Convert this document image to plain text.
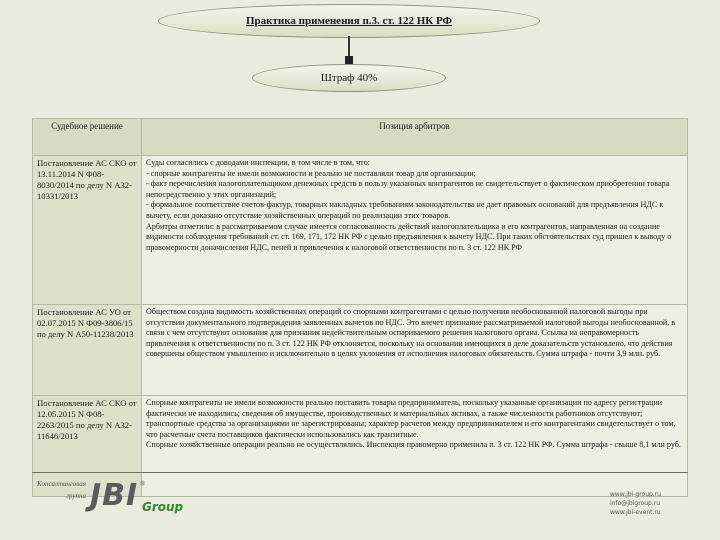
Практика применения п.3. ст. 122 НК РФ
Штраф 40%
Судебное решение	Позиция арбитров
Постановление АС СКО от 13.11.2014 N Ф08-8030/2014 по делу N А32-10331/2013	Суды согласились с доводами инспекции, в том числе в том, что:
- спорные контрагенты не имели возможности и реально не поставляли товар для организации;
- факт перечисления налогоплательщиком денежных средств в пользу указанных контрагентов не свидетельствует о фактическом приобретении товара непосредственно у этих организаций;
- формальное соответствие счетов-фактур, товарных накладных требованиям законодательства не дает правовых оснований для предъявления НДС к вычету, если доказано отсутствие хозяйственных операций по реализации этих товаров.
Арбитры отметили: в рассматриваемом случае имеется согласованность действий налогоплательщика и его контрагентов, направленная на создание видимости соблюдения требований ст. ст. 169, 171, 172 НК РФ с целью предъявления к вычету НДС. При таких обстоятельствах суд пришел к выводу о правомерности доначисления НДС, пеней и привлечения к налоговой ответственности по п. 3 ст. 122 НК РФ
Постановление АС УО от 02.07.2015 N Ф09-3806/15 по делу N А50-11238/2013	Обществом создана видимость хозяйственных операций со спорными контрагентами с целью получения необоснованной налоговой выгоды при отсутствии документального подтверждения заявленных вычетов по НДС. Это влечет признание рассматриваемой налоговой выгоды необоснованной, в связи с чем отсутствуют основания для признания недействительным оспариваемого решения налогового органа. Ссылка на неправомерность привлечения к ответственности по п. 3 ст. 122 НК РФ отклоняется, поскольку на основании имеющихся в деле доказательств установлено, что действия совершены обществом умышленно и исключительно в целях уклонения от исполнения налоговых обязательств. Сумма штрафа - почти 3,9 млн. руб.
Постановление АС СКО от 12.05.2015 N Ф08-2263/2015 по делу N А32-11646/2013	Спорные контрагенты не имели возможности реально поставить товары предприниматель, поскольку указанные организации по адресу регистрации фактически не находились; сведения об имуществе, производственных и материальных активах, а также численности работников отсутствуют; транспортные средства за организациями не зарегистрированы; характер расчетов между предпринимателем и его контрагентами свидетельствует о том, что расчетные счета поставщиков фактически использовались как транзитные.
Спорные хозяйственные операции реально не осуществлялись. Инспекция правомерно применила п. 3 ст. 122 НК РФ. Сумма штрафа - свыше 8,1 млн руб.
Консалтинговая группа JBI ®
Group
www.jbi-group.ru
info@jbigroup.ru
www.jbi-event.ru
